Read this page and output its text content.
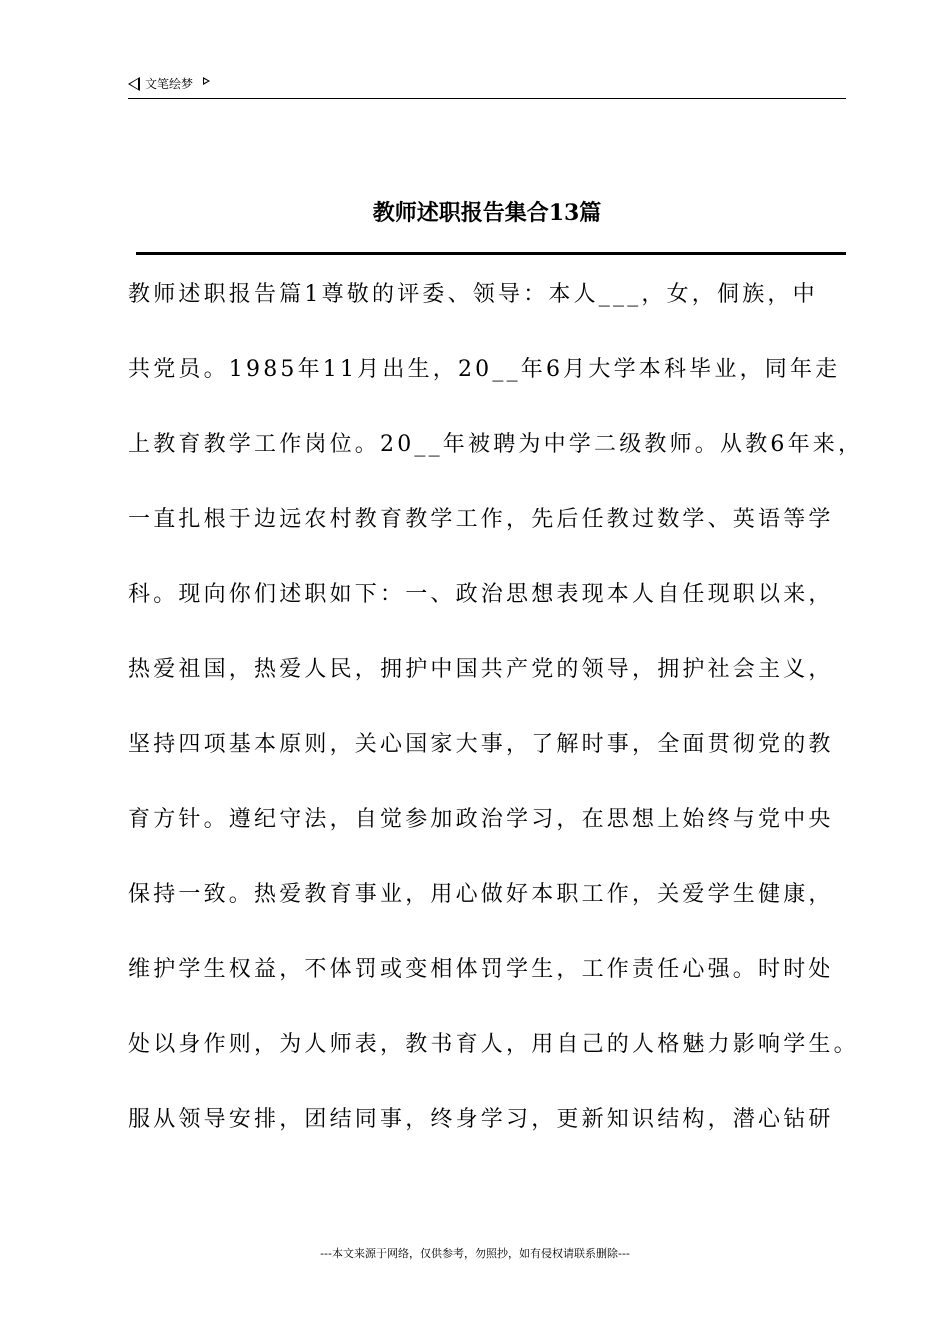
文笔绘梦
教师述职报告集合13篇
教师述职报告篇1尊敬的评委、领导：本人___，女，侗族，中
共党员。1985年11月出生，20__年6月大学本科毕业，同年走
上教育教学工作岗位。20__年被聘为中学二级教师。从教6年来，
一直扎根于边远农村教育教学工作，先后任教过数学、英语等学
科。现向你们述职如下：一、政治思想表现本人自任现职以来，
热爱祖国，热爱人民，拥护中国共产党的领导，拥护社会主义，
坚持四项基本原则，关心国家大事，了解时事，全面贯彻党的教
育方针。遵纪守法，自觉参加政治学习，在思想上始终与党中央
保持一致。热爱教育事业，用心做好本职工作，关爱学生健康，
维护学生权益，不体罚或变相体罚学生，工作责任心强。时时处
处以身作则，为人师表，教书育人，用自己的人格魅力影响学生。
服从领导安排，团结同事，终身学习，更新知识结构，潜心钻研
---本文来源于网络，仅供参考，勿照抄，如有侵权请联系删除---
